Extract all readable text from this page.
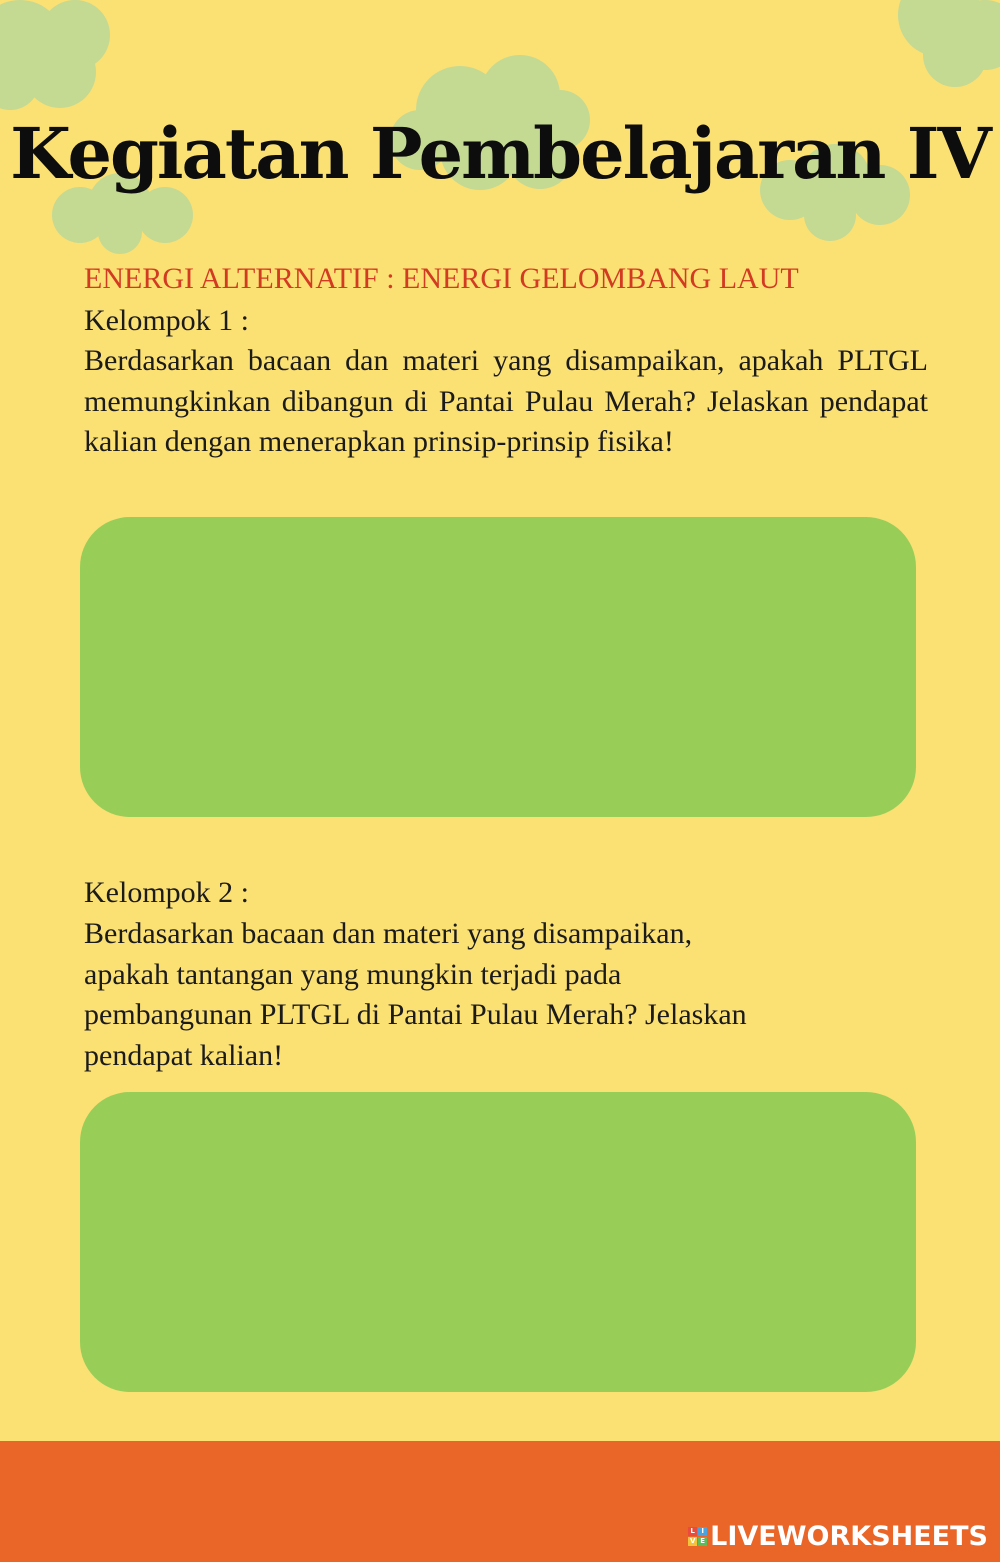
Kegiatan Pembelajaran IV
ENERGI ALTERNATIF : ENERGI GELOMBANG LAUT
Kelompok 1 :
Berdasarkan bacaan dan materi yang disampaikan, apakah PLTGL memungkinkan dibangun di Pantai Pulau Merah? Jelaskan pendapat kalian dengan menerapkan prinsip-prinsip fisika!
Kelompok 2 :
Berdasarkan bacaan dan materi yang disampaikan,
apakah tantangan yang mungkin terjadi pada
pembangunan PLTGL di Pantai Pulau Merah? Jelaskan
pendapat kalian!
L I
V E LIVEWORKSHEETS
